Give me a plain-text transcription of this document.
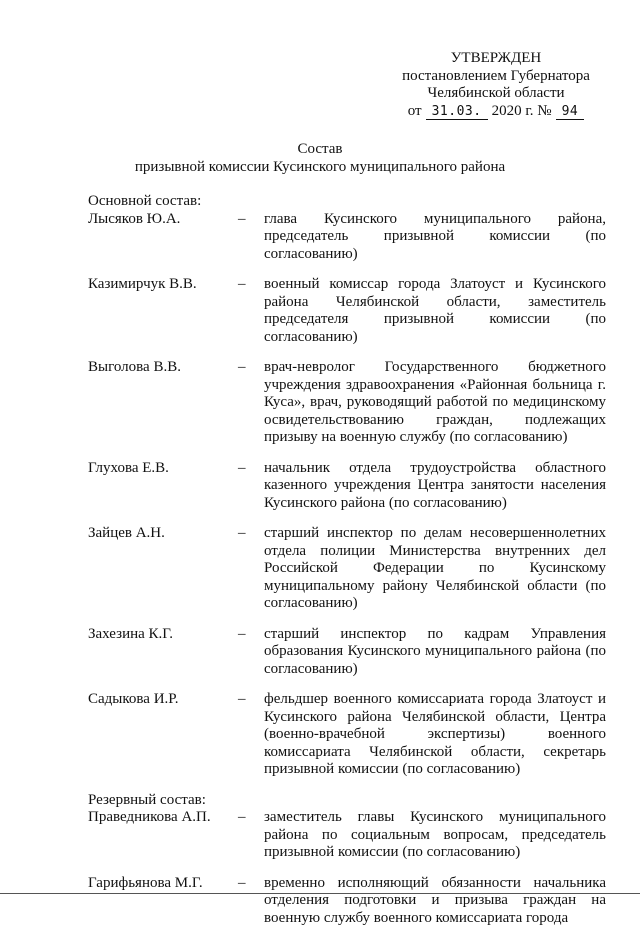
УТВЕРЖДЕН
постановлением Губернатора
Челябинской области
от 31.03. 2020 г. № 94
Состав
призывной комиссии Кусинского муниципального района
Основной состав:
Лысяков Ю.А.	–	глава Кусинского муниципального района, председатель призывной комиссии (по согласованию)
Казимирчук В.В.	–	военный комиссар города Златоуст и Кусинского района Челябинской области, заместитель председателя призывной комиссии (по согласованию)
Выголова В.В.	–	врач-невролог Государственного бюджетного учреждения здравоохранения «Районная больница г. Куса», врач, руководящий работой по медицинскому освидетельствованию граждан, подлежащих призыву на военную службу (по согласованию)
Глухова Е.В.	–	начальник отдела трудоустройства областного казенного учреждения Центра занятости населения Кусинского района (по согласованию)
Зайцев А.Н.	–	старший инспектор по делам несовершеннолетних отдела полиции Министерства внутренних дел Российской Федерации по Кусинскому муниципальному району Челябинской области (по согласованию)
Захезина К.Г.	–	старший инспектор по кадрам Управления образования Кусинского муниципального района (по согласованию)
Садыкова И.Р.	–	фельдшер военного комиссариата города Златоуст и Кусинского района Челябинской области, Центра (военно-врачебной экспертизы) военного комиссариата Челябинской области, секретарь призывной комиссии (по согласованию)
Резервный состав:
Праведникова А.П.	–	заместитель главы Кусинского муниципального района по социальным вопросам, председатель призывной комиссии (по согласованию)
Гарифьянова М.Г.	–	временно исполняющий обязанности начальника отделения подготовки и призыва граждан на военную службу военного комиссариата города
